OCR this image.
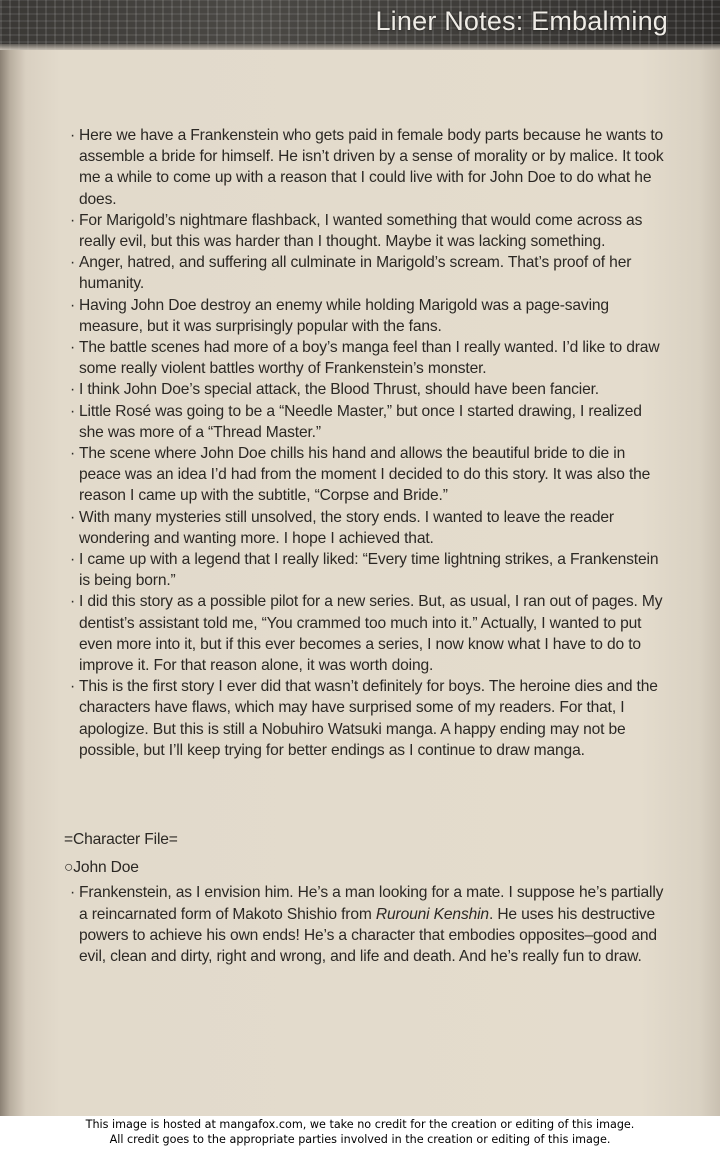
Liner Notes: Embalming

· Here we have a Frankenstein who gets paid in female body parts because he wants to assemble a bride for himself. He isn’t driven by a sense of morality or by malice. It took me a while to come up with a reason that I could live with for John Doe to do what he does.

· For Marigold’s nightmare flashback, I wanted something that would come across as really evil, but this was harder than I thought. Maybe it was lacking something.

· Anger, hatred, and suffering all culminate in Marigold’s scream. That’s proof of her humanity.

· Having John Doe destroy an enemy while holding Marigold was a page-saving measure, but it was surprisingly popular with the fans.

· The battle scenes had more of a boy’s manga feel than I really wanted. I’d like to draw some really violent battles worthy of Frankenstein’s monster.

· I think John Doe’s special attack, the Blood Thrust, should have been fancier.

· Little Rosé was going to be a “Needle Master,” but once I started drawing, I realized she was more of a “Thread Master.”

· The scene where John Doe chills his hand and allows the beautiful bride to die in peace was an idea I’d had from the moment I decided to do this story. It was also the reason I came up with the subtitle, “Corpse and Bride.”

· With many mysteries still unsolved, the story ends. I wanted to leave the reader wondering and wanting more. I hope I achieved that.

· I came up with a legend that I really liked: “Every time lightning strikes, a Frankenstein is being born.”

· I did this story as a possible pilot for a new series. But, as usual, I ran out of pages. My dentist’s assistant told me, “You crammed too much into it.” Actually, I wanted to put even more into it, but if this ever becomes a series, I now know what I have to do to improve it. For that reason alone, it was worth doing.

· This is the first story I ever did that wasn’t definitely for boys. The heroine dies and the characters have flaws, which may have surprised some of my readers. For that, I apologize. But this is still a Nobuhiro Watsuki manga. A happy ending may not be possible, but I’ll keep trying for better endings as I continue to draw manga.

=Character File=

○John Doe

· Frankenstein, as I envision him. He’s a man looking for a mate. I suppose he’s partially a reincarnated form of Makoto Shishio from Rurouni Kenshin. He uses his destructive powers to achieve his own ends! He’s a character that embodies opposites–good and evil, clean and dirty, right and wrong, and life and death. And he’s really fun to draw.

This image is hosted at mangafox.com, we take no credit for the creation or editing of this image.

All credit goes to the appropriate parties involved in the creation or editing of this image.
